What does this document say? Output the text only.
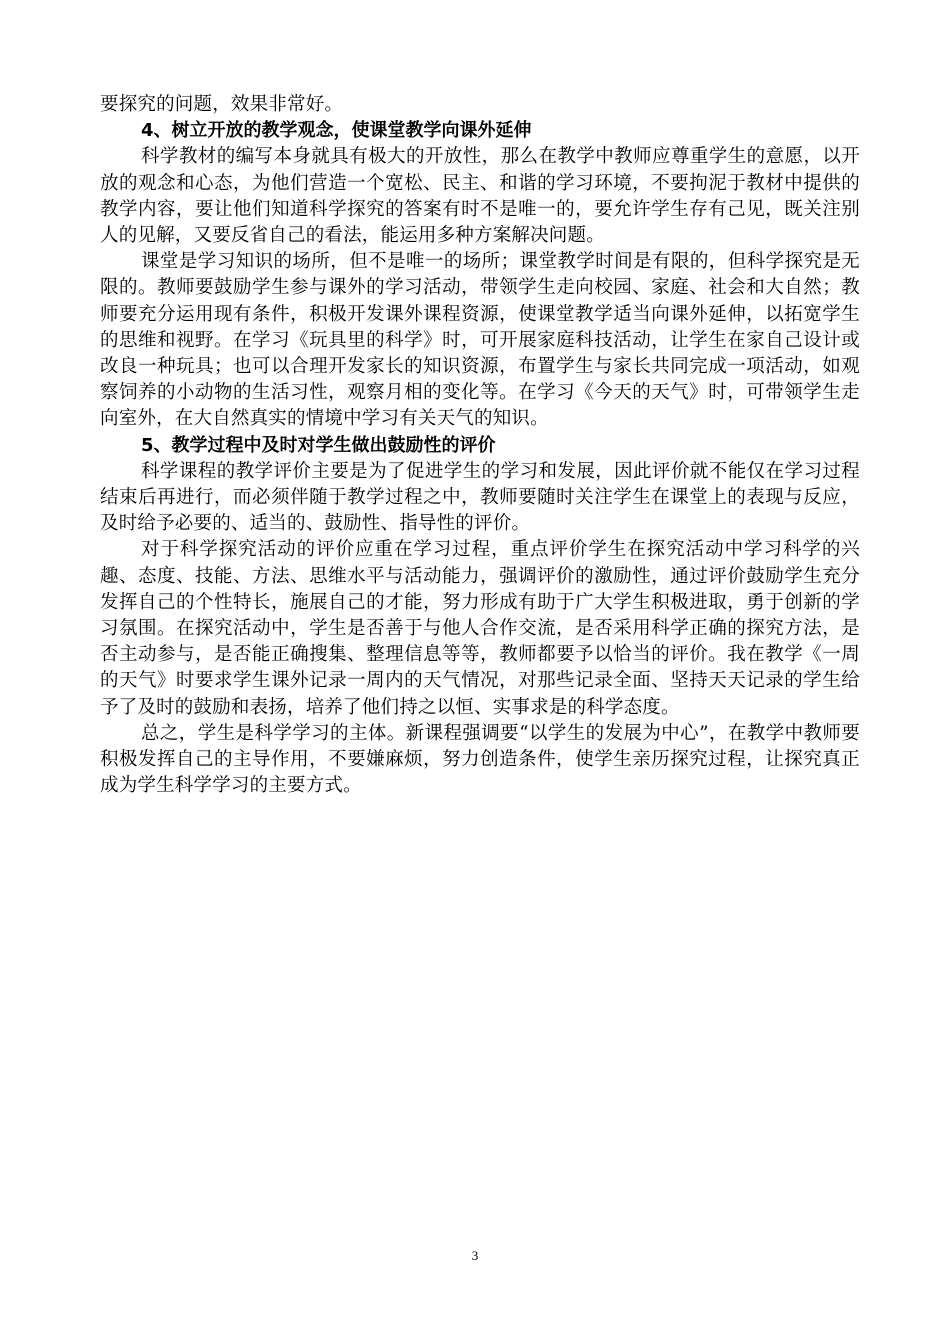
要探究的问题，效果非常好。

4、树立开放的教学观念，使课堂教学向课外延伸

科学教材的编写本身就具有极大的开放性，那么在教学中教师应尊重学生的意愿，以开放的观念和心态，为他们营造一个宽松、民主、和谐的学习环境，不要拘泥于教材中提供的教学内容，要让他们知道科学探究的答案有时不是唯一的，要允许学生存有己见，既关注别人的见解，又要反省自己的看法，能运用多种方案解决问题。

课堂是学习知识的场所，但不是唯一的场所；课堂教学时间是有限的，但科学探究是无限的。教师要鼓励学生参与课外的学习活动，带领学生走向校园、家庭、社会和大自然；教师要充分运用现有条件，积极开发课外课程资源，使课堂教学适当向课外延伸，以拓宽学生的思维和视野。在学习《玩具里的科学》时，可开展家庭科技活动，让学生在家自己设计或改良一种玩具；也可以合理开发家长的知识资源，布置学生与家长共同完成一项活动，如观察饲养的小动物的生活习性，观察月相的变化等。在学习《今天的天气》时，可带领学生走向室外，在大自然真实的情境中学习有关天气的知识。

5、教学过程中及时对学生做出鼓励性的评价

科学课程的教学评价主要是为了促进学生的学习和发展，因此评价就不能仅在学习过程结束后再进行，而必须伴随于教学过程之中，教师要随时关注学生在课堂上的表现与反应，及时给予必要的、适当的、鼓励性、指导性的评价。

对于科学探究活动的评价应重在学习过程，重点评价学生在探究活动中学习科学的兴趣、态度、技能、方法、思维水平与活动能力，强调评价的激励性，通过评价鼓励学生充分发挥自己的个性特长，施展自己的才能，努力形成有助于广大学生积极进取，勇于创新的学习氛围。在探究活动中，学生是否善于与他人合作交流，是否采用科学正确的探究方法，是否主动参与，是否能正确搜集、整理信息等等，教师都要予以恰当的评价。我在教学《一周的天气》时要求学生课外记录一周内的天气情况，对那些记录全面、坚持天天记录的学生给予了及时的鼓励和表扬，培养了他们持之以恒、实事求是的科学态度。

总之，学生是科学学习的主体。新课程强调要“以学生的发展为中心”，在教学中教师要积极发挥自己的主导作用，不要嫌麻烦，努力创造条件，使学生亲历探究过程，让探究真正成为学生科学学习的主要方式。

3
